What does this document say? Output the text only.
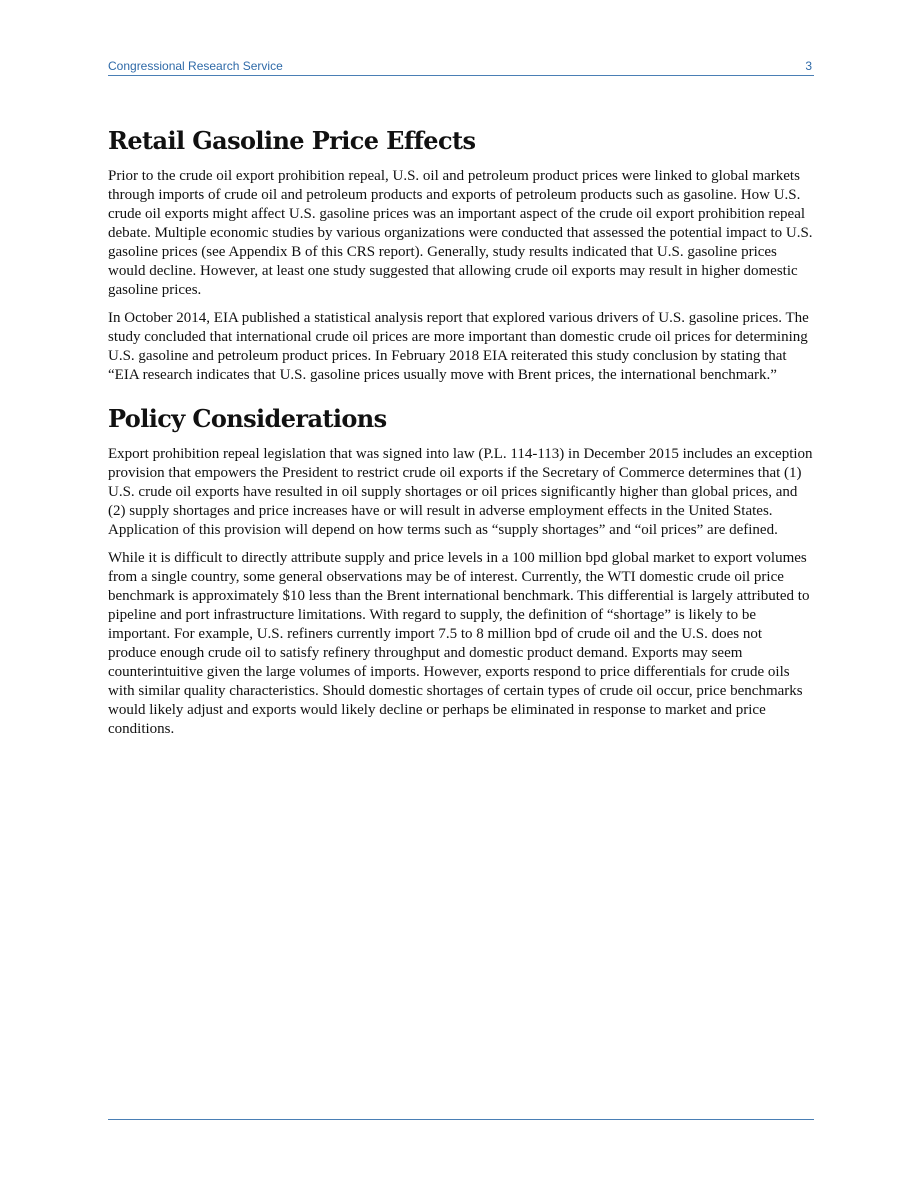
Congressional Research Service	3
Retail Gasoline Price Effects

Prior to the crude oil export prohibition repeal, U.S. oil and petroleum product prices were linked to global markets through imports of crude oil and petroleum products and exports of petroleum products such as gasoline. How U.S. crude oil exports might affect U.S. gasoline prices was an important aspect of the crude oil export prohibition repeal debate. Multiple economic studies by various organizations were conducted that assessed the potential impact to U.S. gasoline prices (see Appendix B of this CRS report). Generally, study results indicated that U.S. gasoline prices would decline. However, at least one study suggested that allowing crude oil exports may result in higher domestic gasoline prices.

In October 2014, EIA published a statistical analysis report that explored various drivers of U.S. gasoline prices. The study concluded that international crude oil prices are more important than domestic crude oil prices for determining U.S. gasoline and petroleum product prices. In February 2018 EIA reiterated this study conclusion by stating that “EIA research indicates that U.S. gasoline prices usually move with Brent prices, the international benchmark.”

Policy Considerations

Export prohibition repeal legislation that was signed into law (P.L. 114-113) in December 2015 includes an exception provision that empowers the President to restrict crude oil exports if the Secretary of Commerce determines that (1) U.S. crude oil exports have resulted in oil supply shortages or oil prices significantly higher than global prices, and (2) supply shortages and price increases have or will result in adverse employment effects in the United States. Application of this provision will depend on how terms such as “supply shortages” and “oil prices” are defined.

While it is difficult to directly attribute supply and price levels in a 100 million bpd global market to export volumes from a single country, some general observations may be of interest. Currently, the WTI domestic crude oil price benchmark is approximately $10 less than the Brent international benchmark. This differential is largely attributed to pipeline and port infrastructure limitations. With regard to supply, the definition of “shortage” is likely to be important. For example, U.S. refiners currently import 7.5 to 8 million bpd of crude oil and the U.S. does not produce enough crude oil to satisfy refinery throughput and domestic product demand. Exports may seem counterintuitive given the large volumes of imports. However, exports respond to price differentials for crude oils with similar quality characteristics. Should domestic shortages of certain types of crude oil occur, price benchmarks would likely adjust and exports would likely decline or perhaps be eliminated in response to market and price conditions.
